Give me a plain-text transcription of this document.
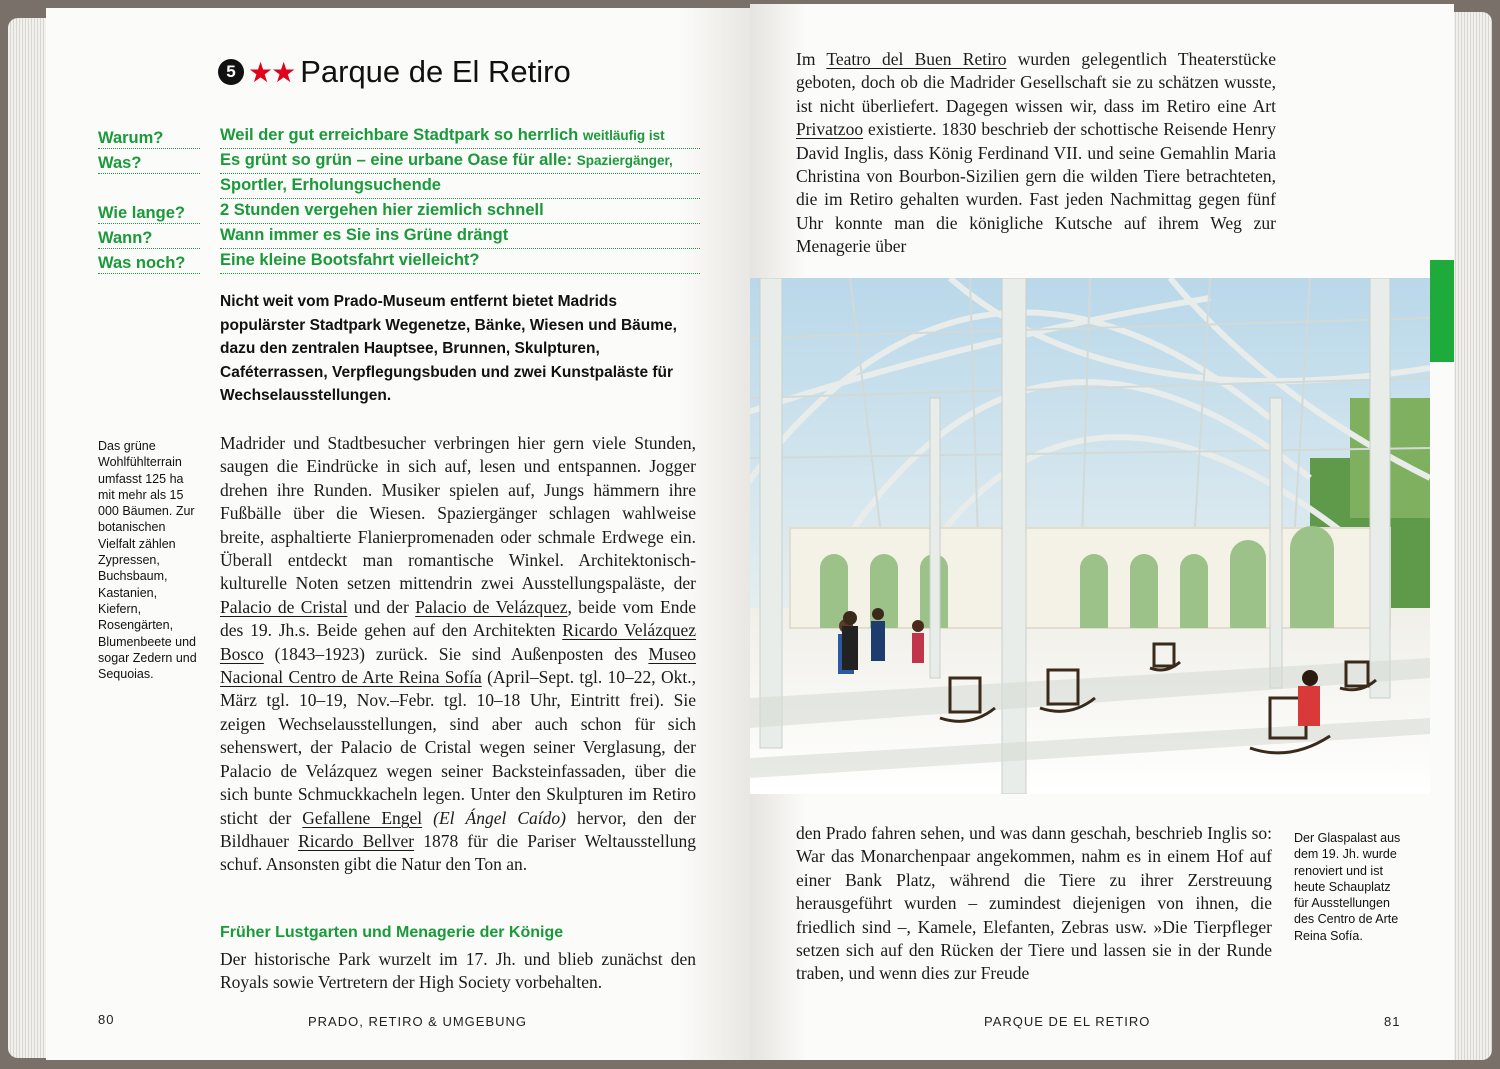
5 ★★ Parque de El Retiro
Warum?	Weil der gut erreichbare Stadtpark so herrlich weitläufig ist
Was?	Es grünt so grün – eine urbane Oase für alle: Spaziergänger,
Sportler, Erholungsuchende
Wie lange?	2 Stunden vergehen hier ziemlich schnell
Wann?	Wann immer es Sie ins Grüne drängt
Was noch?	Eine kleine Bootsfahrt vielleicht?

Nicht weit vom Prado-Museum entfernt bietet Madrids populärster Stadtpark Wegenetze, Bänke, Wiesen und Bäume, dazu den zentralen Hauptsee, Brunnen, Skulpturen, Caféterrassen, Verpflegungsbuden und zwei Kunstpaläste für Wechselausstellungen.

Das grüne Wohlfühlterrain umfasst 125 ha mit mehr als 15 000 Bäumen. Zur botanischen Vielfalt zählen Zypressen, Buchsbaum, Kastanien, Kiefern, Rosengärten, Blumenbeete und sogar Zedern und Sequoias.

Madrider und Stadtbesucher verbringen hier gern viele Stunden, saugen die Eindrücke in sich auf, lesen und entspannen. Jogger drehen ihre Runden. Musiker spielen auf, Jungs hämmern ihre Fußbälle über die Wiesen. Spaziergänger schlagen wahlweise breite, asphaltierte Flanierpromenaden oder schmale Erdwege ein. Überall entdeckt man romantische Winkel. Architektonisch-kulturelle Noten setzen mittendrin zwei Ausstellungspaläste, der Palacio de Cristal und der Palacio de Velázquez, beide vom Ende des 19. Jh.s. Beide gehen auf den Architekten Ricardo Velázquez Bosco (1843–1923) zurück. Sie sind Außenposten des Museo Nacional Centro de Arte Reina Sofía (April–Sept. tgl. 10–22, Okt., März tgl. 10–19, Nov.–Febr. tgl. 10–18 Uhr, Eintritt frei). Sie zeigen Wechselausstellungen, sind aber auch schon für sich sehenswert, der Palacio de Cristal wegen seiner Verglasung, der Palacio de Velázquez wegen seiner Backsteinfassaden, über die sich bunte Schmuckkacheln legen. Unter den Skulpturen im Retiro sticht der Gefallene Engel (El Ángel Caído) hervor, den der Bildhauer Ricardo Bellver 1878 für die Pariser Weltausstellung schuf. Ansonsten gibt die Natur den Ton an.

Früher Lustgarten und Menagerie der Könige

Der historische Park wurzelt im 17. Jh. und blieb zunächst den Royals sowie Vertretern der High Society vorbehalten.

80	PRADO, RETIRO & UMGEBUNG

Im Teatro del Buen Retiro wurden gelegentlich Theaterstücke geboten, doch ob die Madrider Gesellschaft sie zu schätzen wusste, ist nicht überliefert. Dagegen wissen wir, dass im Retiro eine Art Privatzoo existierte. 1830 beschrieb der schottische Reisende Henry David Inglis, dass König Ferdinand VII. und seine Gemahlin Maria Christina von Bourbon-Sizilien gern die wilden Tiere betrachteten, die im Retiro gehalten wurden. Fast jeden Nachmittag gegen fünf Uhr konnte man die königliche Kutsche auf ihrem Weg zur Menagerie über

den Prado fahren sehen, und was dann geschah, beschrieb Inglis so: War das Monarchenpaar angekommen, nahm es in einem Hof auf einer Bank Platz, während die Tiere zu ihrer Zerstreuung herausgeführt wurden – zumindest diejenigen von ihnen, die friedlich sind –, Kamele, Elefanten, Zebras usw. »Die Tierpfleger setzen sich auf den Rücken der Tiere und lassen sie in der Runde traben, und wenn dies zur Freude

Der Glaspalast aus dem 19. Jh. wurde renoviert und ist heute Schauplatz für Ausstellungen des Centro de Arte Reina Sofía.

PARQUE DE EL RETIRO	81
